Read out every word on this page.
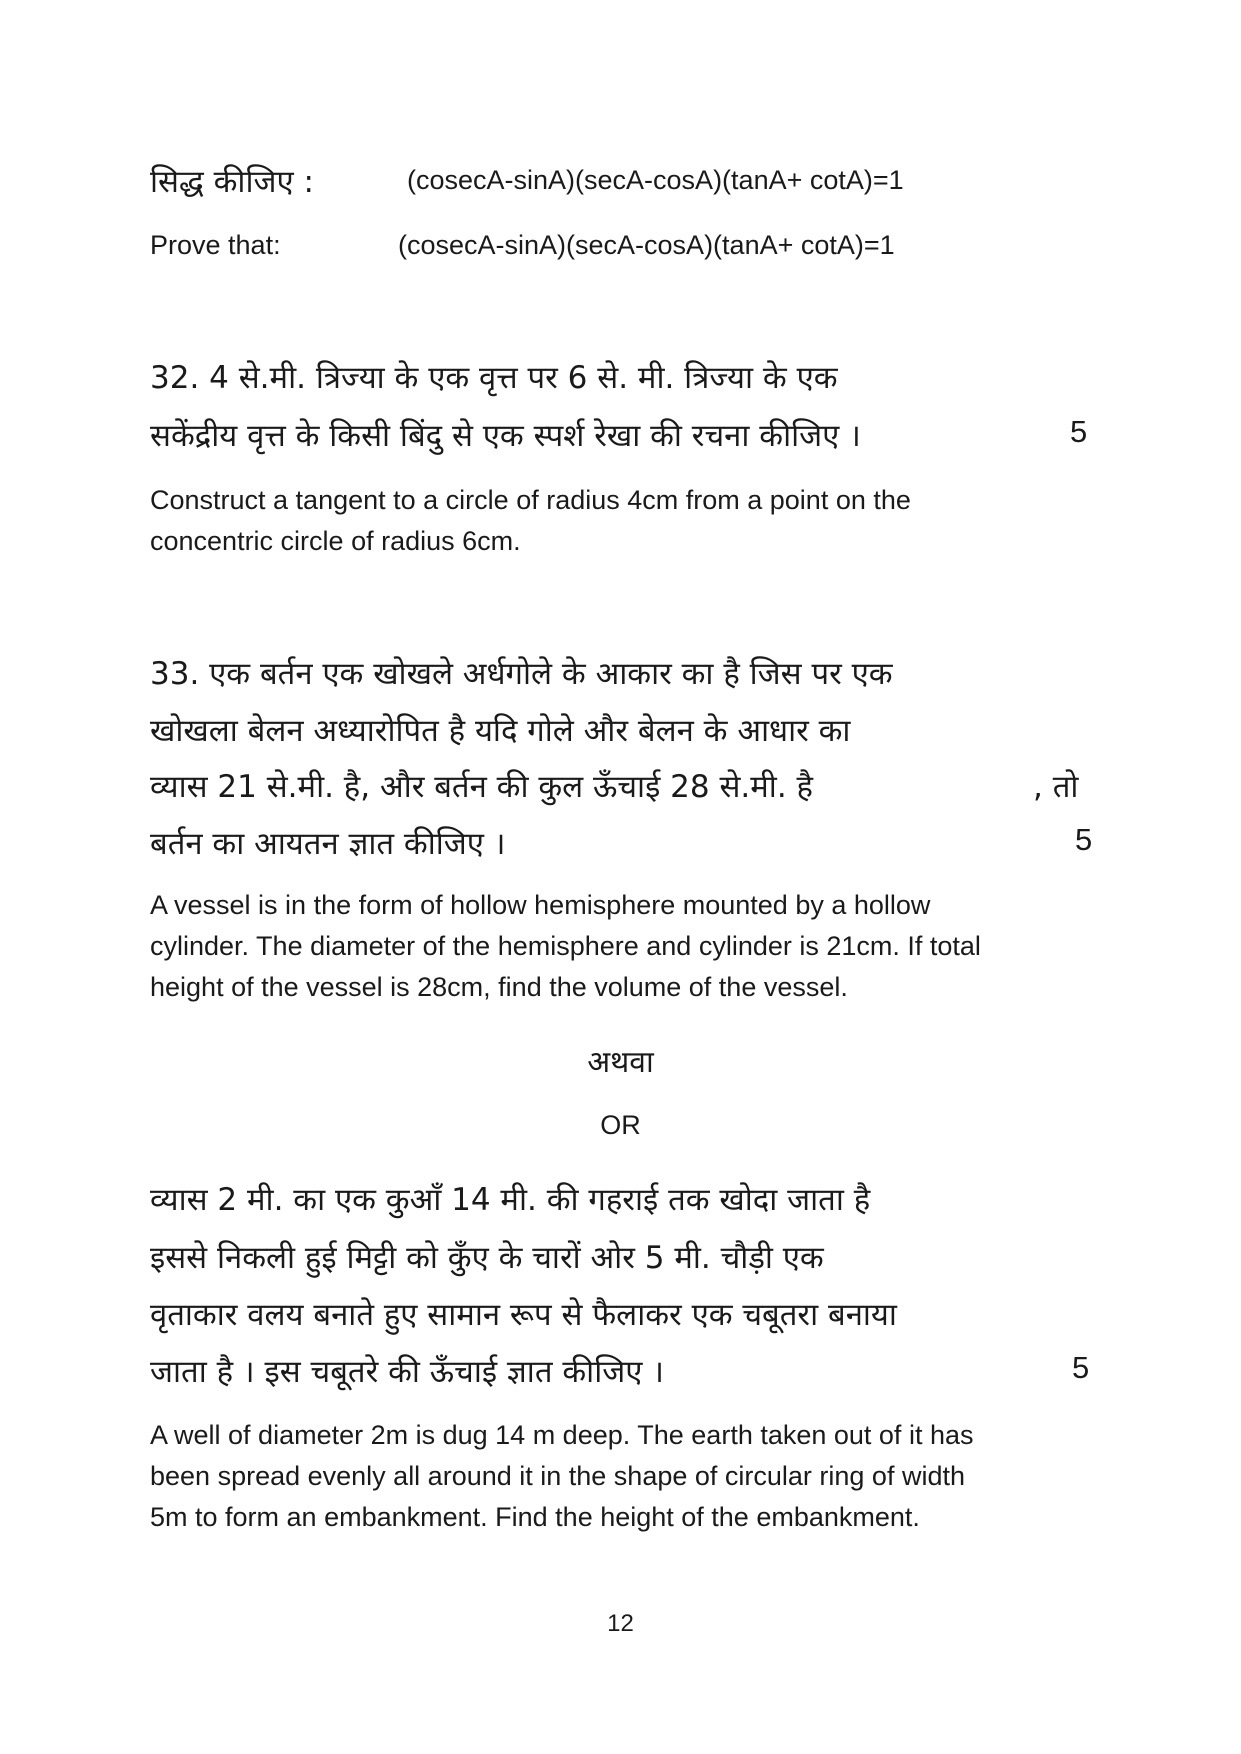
सिद्ध कीजिए :	(cosecA-sinA)(secA-cosA)(tanA+ cotA)=1
Prove that:	(cosecA-sinA)(secA-cosA)(tanA+ cotA)=1
32. 4 से.मी. त्रिज्या के एक वृत्त पर 6 से. मी. त्रिज्या के एक
सकेंद्रीय वृत्त के किसी बिंदु से एक स्पर्श रेखा की रचना कीजिए ।	5
Construct a tangent to a circle of radius 4cm from a point on the
concentric circle of radius 6cm.
33. एक बर्तन एक खोखले अर्धगोले के आकार का है जिस पर एक
खोखला बेलन अध्यारोपित है यदि गोले और बेलन के आधार का
व्यास 21 से.मी. है, और बर्तन की कुल ऊँचाई 28 से.मी. है	, तो
बर्तन का आयतन ज्ञात कीजिए ।	5
A vessel is in the form of hollow hemisphere mounted by a hollow
cylinder. The diameter of the hemisphere and cylinder is 21cm. If total
height of the vessel is 28cm, find the volume of the vessel.
अथवा
OR
व्यास 2 मी. का एक कुआँ 14 मी. की गहराई तक खोदा जाता है
इससे निकली हुई मिट्टी को कुँए के चारों ओर 5 मी. चौड़ी एक
वृताकार वलय बनाते हुए सामान रूप से फैलाकर एक चबूतरा बनाया
जाता है । इस चबूतरे की ऊँचाई ज्ञात कीजिए ।	5
A well of diameter 2m is dug 14 m deep. The earth taken out of it has
been spread evenly all around it in the shape of circular ring of width
5m to form an embankment. Find the height of the embankment.
12
